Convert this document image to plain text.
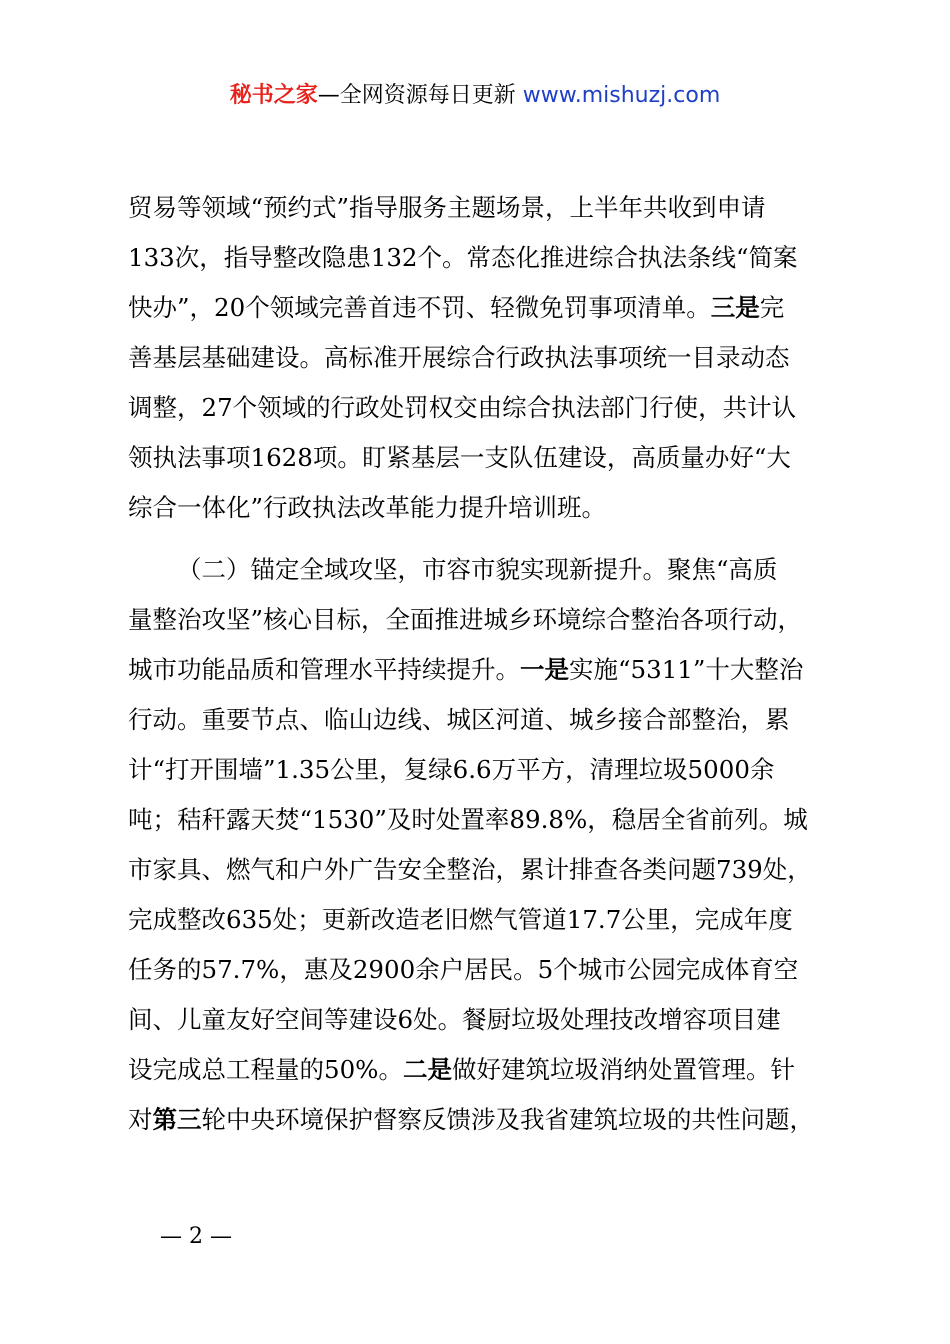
秘书之家—全网资源每日更新 www.mishuzj.com

贸易等领域“预约式”指导服务主题场景，上半年共收到申请
133次，指导整改隐患132个。常态化推进综合执法条线“简案
快办”，20个领域完善首违不罚、轻微免罚事项清单。三是完
善基层基础建设。高标准开展综合行政执法事项统一目录动态
调整，27个领域的行政处罚权交由综合执法部门行使，共计认
领执法事项1628项。盯紧基层一支队伍建设，高质量办好“大
综合一体化”行政执法改革能力提升培训班。

（二）锚定全域攻坚，市容市貌实现新提升。聚焦“高质
量整治攻坚”核心目标，全面推进城乡环境综合整治各项行动，
城市功能品质和管理水平持续提升。一是实施“5311”十大整治
行动。重要节点、临山边线、城区河道、城乡接合部整治，累
计“打开围墙”1.35公里，复绿6.6万平方，清理垃圾5000余
吨；秸秆露天焚“1530”及时处置率89.8%，稳居全省前列。城
市家具、燃气和户外广告安全整治，累计排查各类问题739处，
完成整改635处；更新改造老旧燃气管道17.7公里，完成年度
任务的57.7%，惠及2900余户居民。5个城市公园完成体育空
间、儿童友好空间等建设6处。餐厨垃圾处理技改增容项目建
设完成总工程量的50%。二是做好建筑垃圾消纳处置管理。针
对第三轮中央环境保护督察反馈涉及我省建筑垃圾的共性问题，

— 2 —
